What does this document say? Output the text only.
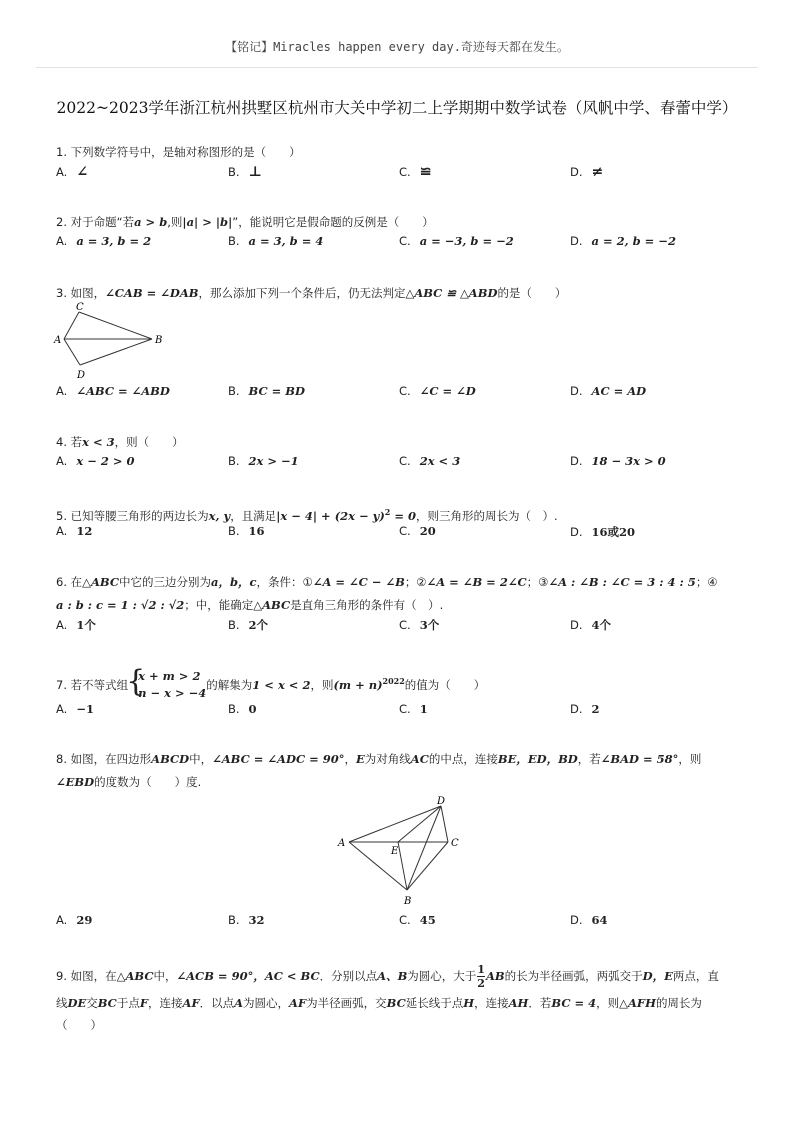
【铭记】Miracles happen every day.奇迹每天都在发生。
2022~2023学年浙江杭州拱墅区杭州市大关中学初二上学期期中数学试卷（风帆中学、春蕾中学）
1. 下列数学符号中，是轴对称图形的是（　　）
A. ∠	B. ⊥	C. ≌	D. ≠
2. 对于命题“若a > b,则|a| > |b|”，能说明它是假命题的反例是（　　）
A. a = 3, b = 2	B. a = 3, b = 4	C. a = −3, b = −2	D. a = 2, b = −2
3. 如图，∠CAB = ∠DAB，那么添加下列一个条件后，仍无法判定△ABC ≌ △ABD的是（　　）
C
A	B
D
A. ∠ABC = ∠ABD	B. BC = BD	C. ∠C = ∠D	D. AC = AD
4. 若x < 3，则（　　）
A. x − 2 > 0	B. 2x > −1	C. 2x < 3	D. 18 − 3x > 0
5. 已知等腰三角形的两边长为x, y，且满足$|x - 4| + (2x - y)^2 = 0$，则三角形的周长为（　）.
A. 12	B. 16	C. 20	D. 16或20
6. 在△ABC中它的三边分别为a，b，c，条件：①∠A = ∠C − ∠B；②∠A = ∠B = 2∠C；③∠A : ∠B : ∠C = 3 : 4 : 5；④
a : b : c = 1 : √2 : √2；中，能确定△ABC是直角三角形的条件有（　）.
A. 1个	B. 2个	C. 3个	D. 4个
7. 若不等式组
{
x + m > 2
n − x > −4
的解集为1 < x < 2，则$(m + n)^{2022}$的值为（　　）
A. −1	B. 0	C. 1	D. 2
8. 如图，在四边形ABCD中，∠ABC = ∠ADC = 90°，E为对角线AC的中点，连接BE，ED，BD，若∠BAD = 58°，则
∠EBD的度数为（　　）度.
D
A
E
C
B
A. 29	B. 32	C. 45	D. 64
9. 如图，在△ABC中，∠ACB = 90°，AC < BC．分别以点A、B为圆心，大于 $\frac{1}{2}$ AB的长为半径画弧，两弧交于D，E两点，直
线DE交BC于点F，连接AF．以点A为圆心，AF为半径画弧，交BC延长线于点H，连接AH．若BC = 4，则△AFH的周长为
（　　）
